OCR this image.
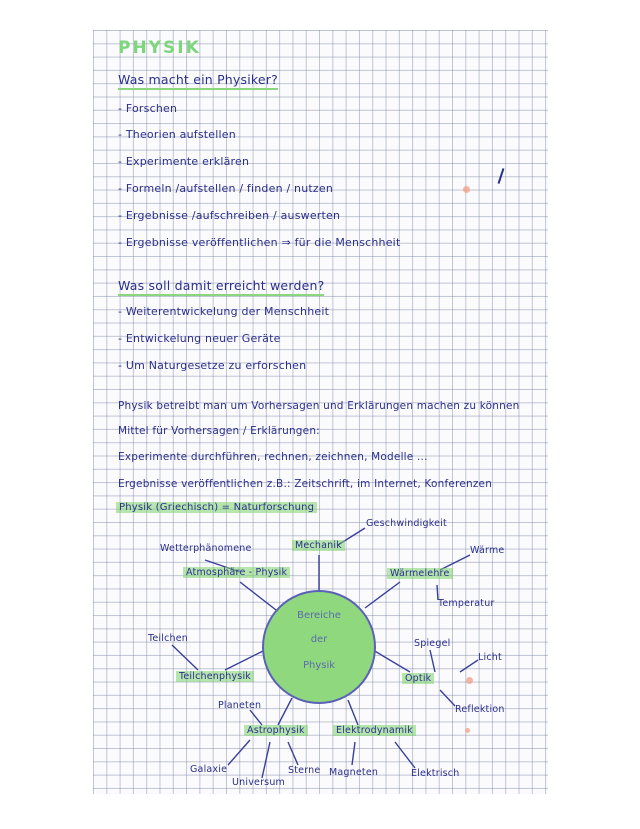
PHYSIK
Was macht ein Physiker?
- Forschen
- Theorien aufstellen
- Experimente erklären
- Formeln /aufstellen / finden / nutzen
- Ergebnisse /aufschreiben / auswerten
- Ergebnisse veröffentlichen ⇒ für die Menschheit
Was soll damit erreicht werden?
- Weiterentwickelung der Menschheit
- Entwickelung neuer Geräte
- Um Naturgesetze zu erforschen
Physik betreibt man um Vorhersagen und Erklärungen machen zu können
Mittel für Vorhersagen / Erklärungen:
Experimente durchführen, rechnen, zeichnen, Modelle ...
Ergebnisse veröffentlichen z.B.: Zeitschrift, im Internet, Konferenzen
Physik (Griechisch) = Naturforschung
Bereiche
der
Physik
Mechanik
Atmosphäre - Physik	Wärmelehre
Teilchenphysik	Optik
Astrophysik	Elektrodynamik
Geschwindigkeit
Wetterphänomene	Wärme
Temperatur
Teilchen	Spiegel
Licht
Reflektion
Planeten
Galaxie
Universum
Sterne Magneten	Elektrisch
